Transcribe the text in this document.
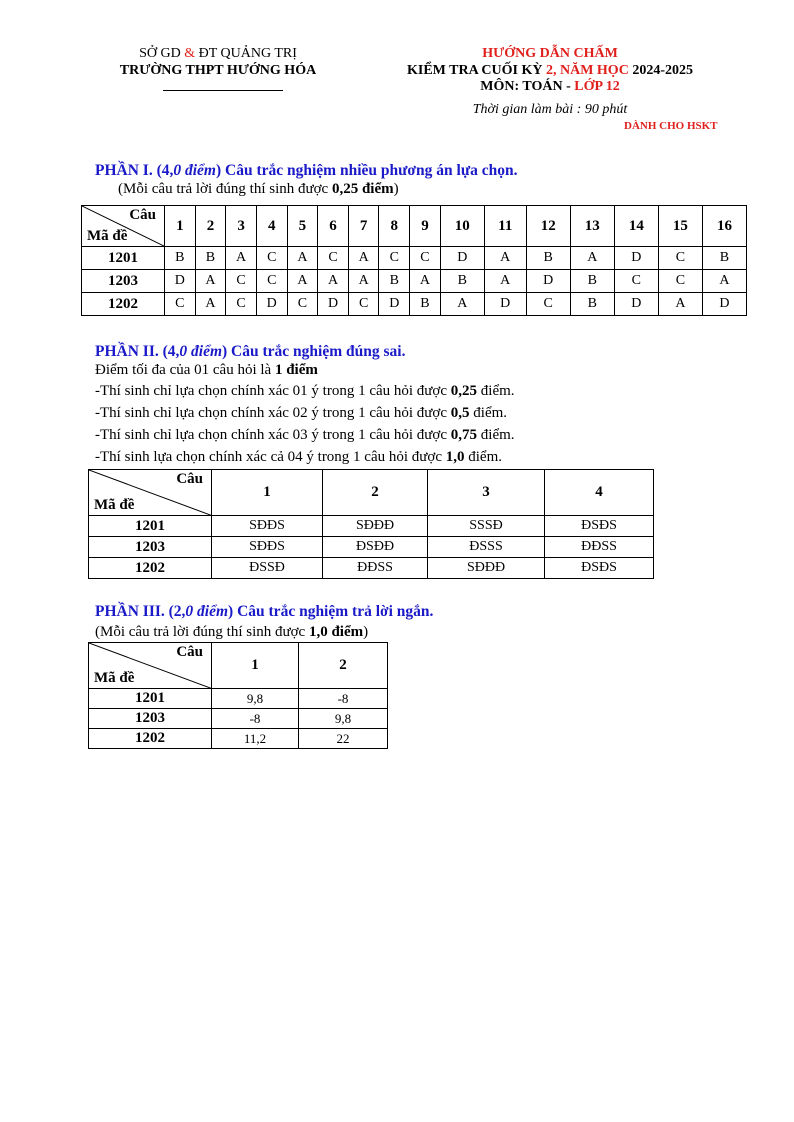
SỞ GD & ĐT QUẢNG TRỊ
TRƯỜNG THPT HƯỚNG HÓA
HƯỚNG DẪN CHẤM
KIỂM TRA CUỐI KỲ 2, NĂM HỌC 2024-2025
MÔN: TOÁN - LỚP 12
Thời gian làm bài : 90 phút
DÀNH CHO HSKT
PHẦN I. (4,0 điểm) Câu trắc nghiệm nhiều phương án lựa chọn.
(Mỗi câu trả lời đúng thí sinh được 0,25 điểm)
Câu
Mã đề	1	2	3	4	5	6	7	8	9	10	11	12	13	14	15	16
1201	B	B	A	C	A	C	A	C	C	D	A	B	A	D	C	B
1203	D	A	C	C	A	A	A	B	A	B	A	D	B	C	C	A
1202	C	A	C	D	C	D	C	D	B	A	D	C	B	D	A	D
PHẦN II. (4,0 điểm) Câu trắc nghiệm đúng sai.
Điểm tối đa của 01 câu hỏi là 1 điểm
-Thí sinh chỉ lựa chọn chính xác 01 ý trong 1 câu hỏi được 0,25 điểm.
-Thí sinh chỉ lựa chọn chính xác 02 ý trong 1 câu hỏi được 0,5 điểm.
-Thí sinh chỉ lựa chọn chính xác 03 ý trong 1 câu hỏi được 0,75 điểm.
-Thí sinh lựa chọn chính xác cả 04 ý trong 1 câu hỏi được 1,0 điểm.
Câu
Mã đề	1	2	3	4
1201	SĐĐS	SĐĐĐ	SSSĐ	ĐSĐS
1203	SĐĐS	ĐSĐĐ	ĐSSS	ĐĐSS
1202	ĐSSĐ	ĐĐSS	SĐĐĐ	ĐSĐS
PHẦN III. (2,0 điểm) Câu trắc nghiệm trả lời ngắn.
(Mỗi câu trả lời đúng thí sinh được 1,0 điểm)
Câu
Mã đề	1	2
1201	9,8	-8
1203	-8	9,8
1202	11,2	22
